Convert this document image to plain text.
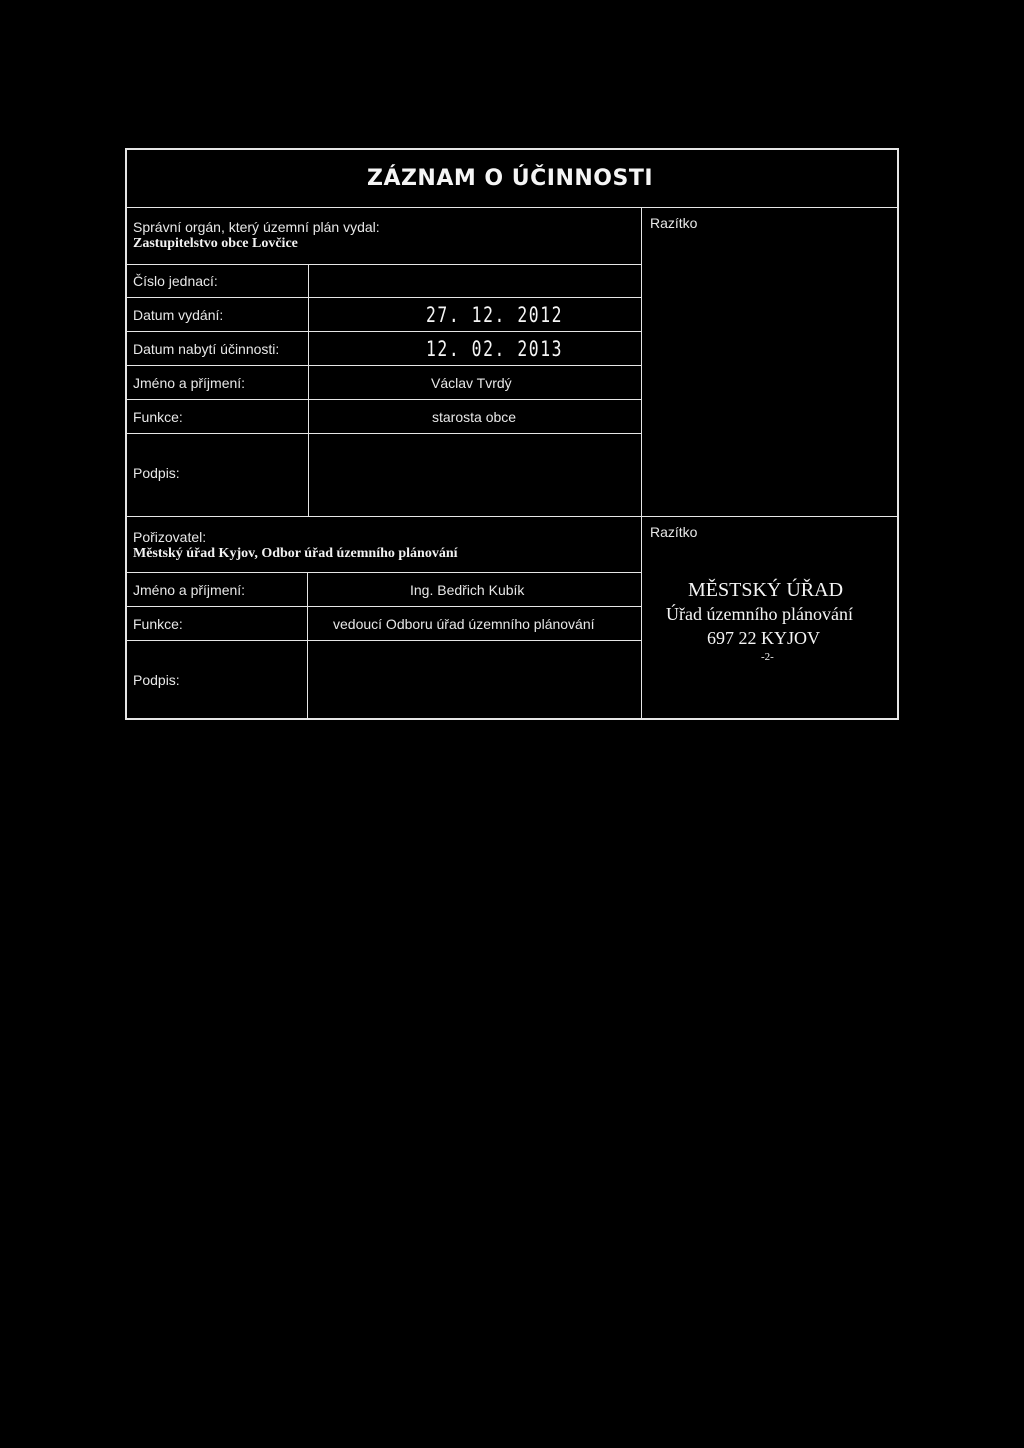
ZÁZNAM O ÚČINNOSTI
Správní orgán, který územní plán vydal:
Zastupitelstvo obce Lovčice
Razítko
Číslo jednací:
Datum vydání:	27. 12. 2012
Datum nabytí účinnosti:	12. 02. 2013
Jméno a příjmení:	Václav Tvrdý
Funkce:	starosta obce
Podpis:
Pořizovatel:
Městský úřad Kyjov, Odbor úřad územního plánování
Razítko
Jméno a příjmení:	Ing. Bedřich Kubík
Funkce:	vedoucí Odboru úřad územního plánování
Podpis:
MĚSTSKÝ ÚŘAD
Úřad územního plánování
697 22 KYJOV
-2-
